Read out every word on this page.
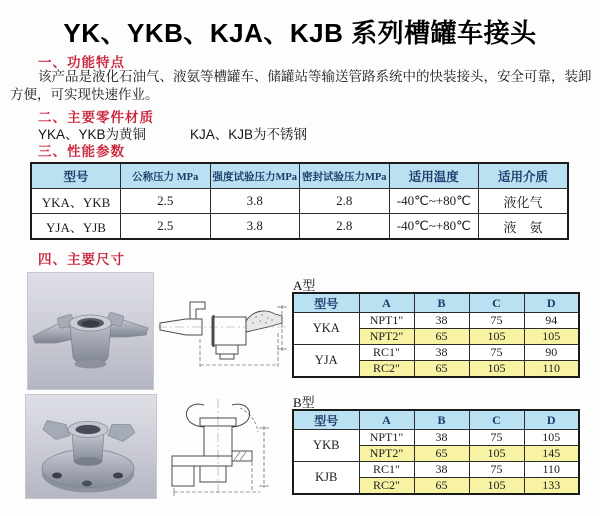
YK、YKB、KJA、KJB 系列槽罐车接头
一、功能特点

该产品是液化石油气、液氨等槽罐车、储罐站等输送管路系统中的快装接头，安全可靠，装卸方便，可实现快速作业。

二、主要零件材质
YKA、YKB为黄铜	KJA、KJB为不锈钢
三、性能参数
型号	公称压力 MPa	强度试验压力MPa	密封试验压力MPa	适用温度	适用介质
YKA、YKB	2.5	3.8	2.8	-40℃~+80℃	液化气
YJA、YJB	2.5	3.8	2.8	-40℃~+80℃	液　氨
四、主要尺寸
A型
型号	A	B	C	D
YKA	NPT1"	38	75	94
	NPT2"	65	105	105
YJA	RC1"	38	75	90
	RC2"	65	105	110
B型
型号	A	B	C	D
YKB	NPT1"	38	75	105
	NPT2"	65	105	145
KJB	RC1"	38	75	110
	RC2"	65	105	133
